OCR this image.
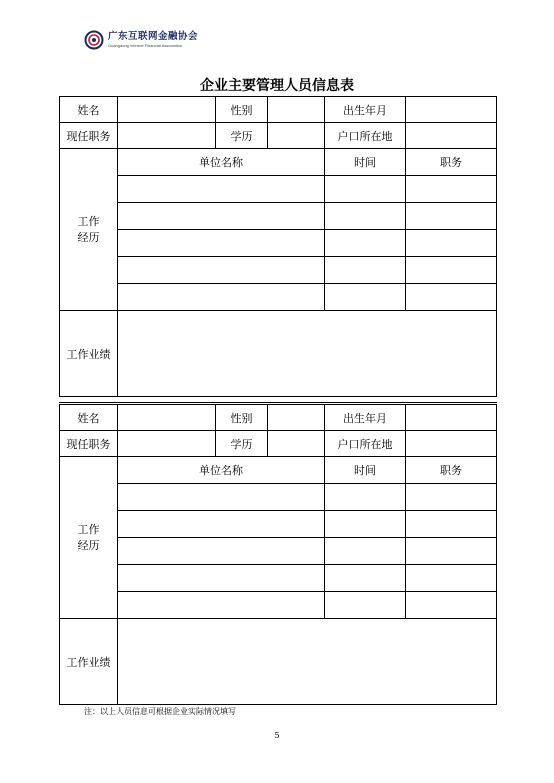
广东互联网金融协会
Guangdong Internet Financial Association
企业主要管理人员信息表
姓名		性别		出生年月	
现任职务		学历		户口所在地	
工作
经历	单位名称			时间	职务

工作业绩					
姓名		性别		出生年月	
现任职务		学历		户口所在地	
工作
经历	单位名称			时间	职务

工作业绩					
注：以上人员信息可根据企业实际情况填写
5
